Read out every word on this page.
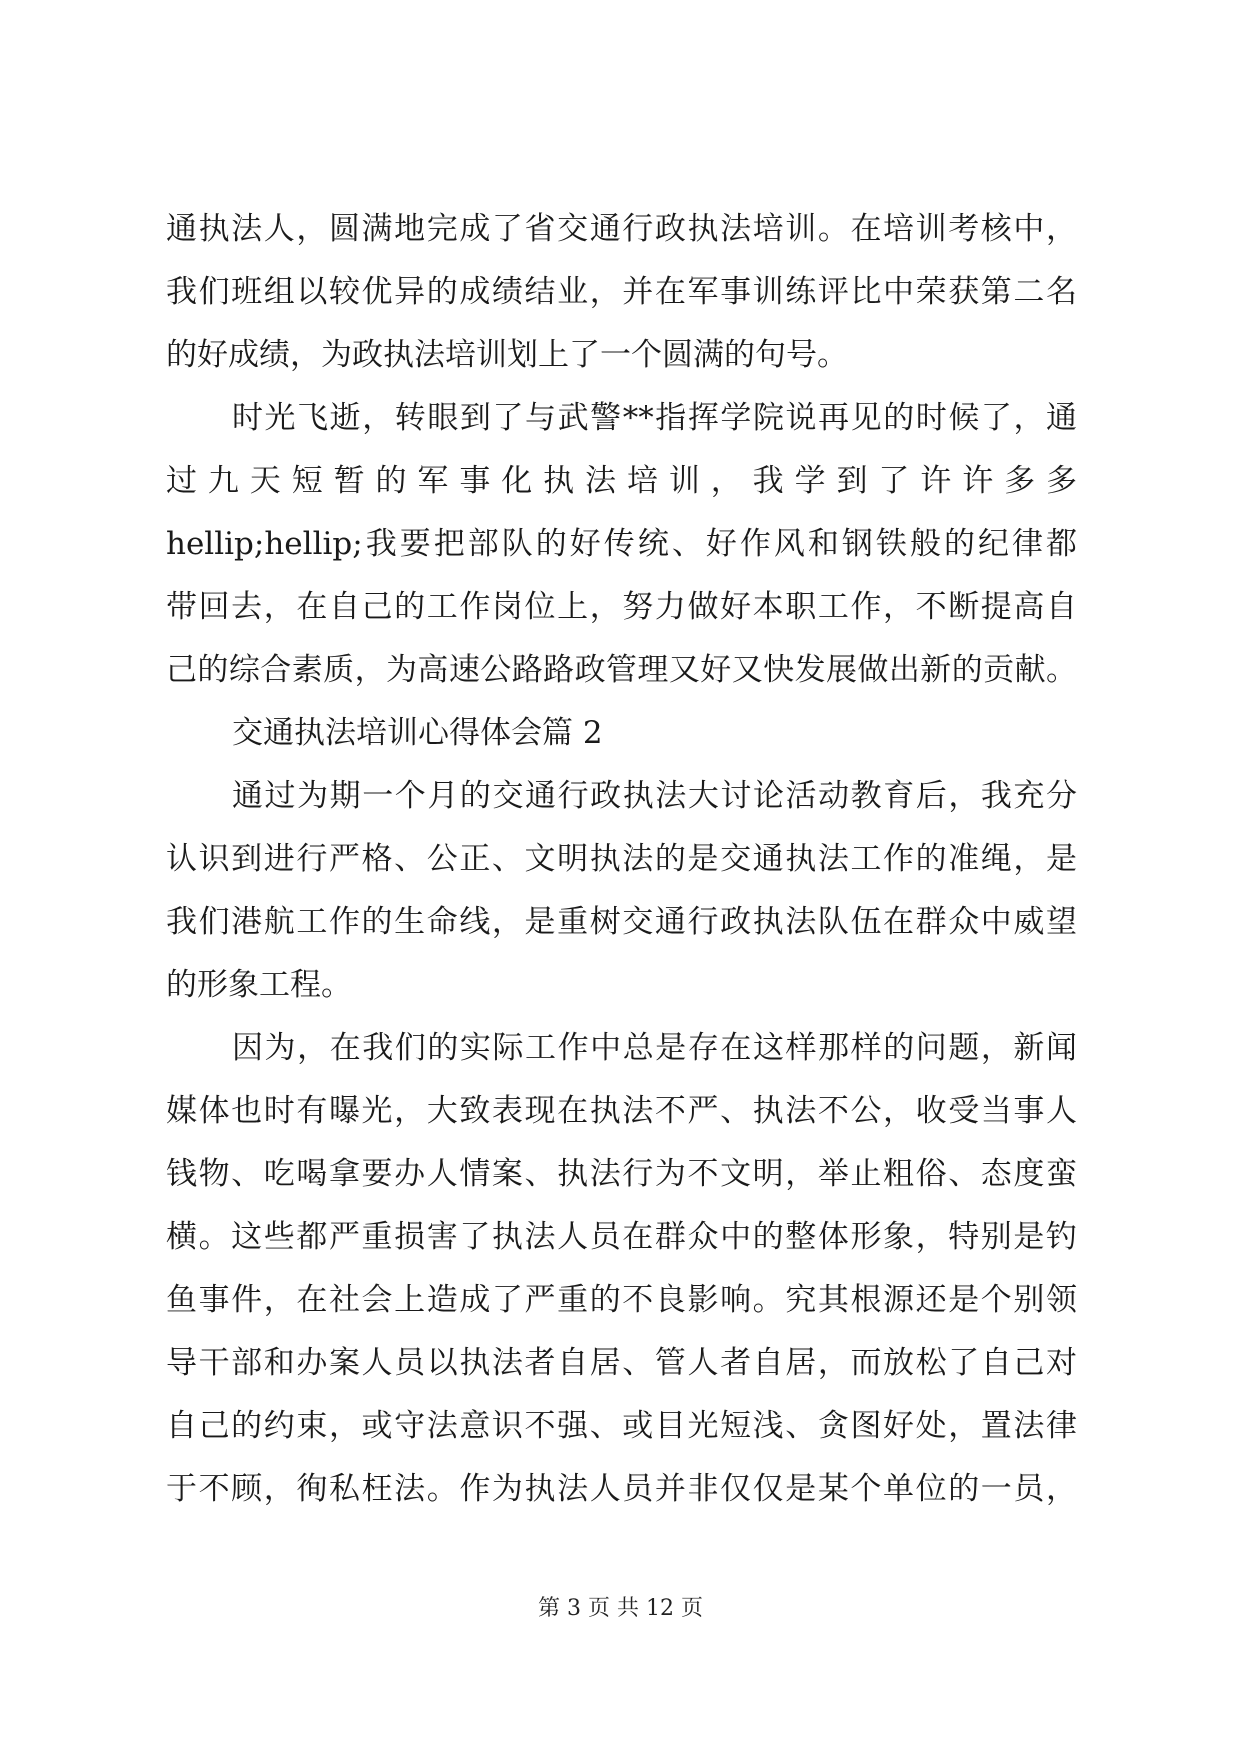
通执法人，圆满地完成了省交通行政执法培训。在培训考核中，
我们班组以较优异的成绩结业，并在军事训练评比中荣获第二名
的好成绩，为政执法培训划上了一个圆满的句号。
时光飞逝，转眼到了与武警**指挥学院说再见的时候了，通
过九天短暂的军事化执法培训，我学到了许许多多
hellip;hellip;我要把部队的好传统、好作风和钢铁般的纪律都
带回去，在自己的工作岗位上，努力做好本职工作，不断提高自
己的综合素质，为高速公路路政管理又好又快发展做出新的贡献。
交通执法培训心得体会篇 2
通过为期一个月的交通行政执法大讨论活动教育后，我充分
认识到进行严格、公正、文明执法的是交通执法工作的准绳，是
我们港航工作的生命线，是重树交通行政执法队伍在群众中威望
的形象工程。
因为，在我们的实际工作中总是存在这样那样的问题，新闻
媒体也时有曝光，大致表现在执法不严、执法不公，收受当事人
钱物、吃喝拿要办人情案、执法行为不文明，举止粗俗、态度蛮
横。这些都严重损害了执法人员在群众中的整体形象，特别是钓
鱼事件，在社会上造成了严重的不良影响。究其根源还是个别领
导干部和办案人员以执法者自居、管人者自居，而放松了自己对
自己的约束，或守法意识不强、或目光短浅、贪图好处，置法律
于不顾，徇私枉法。作为执法人员并非仅仅是某个单位的一员，
第 3 页 共 12 页
